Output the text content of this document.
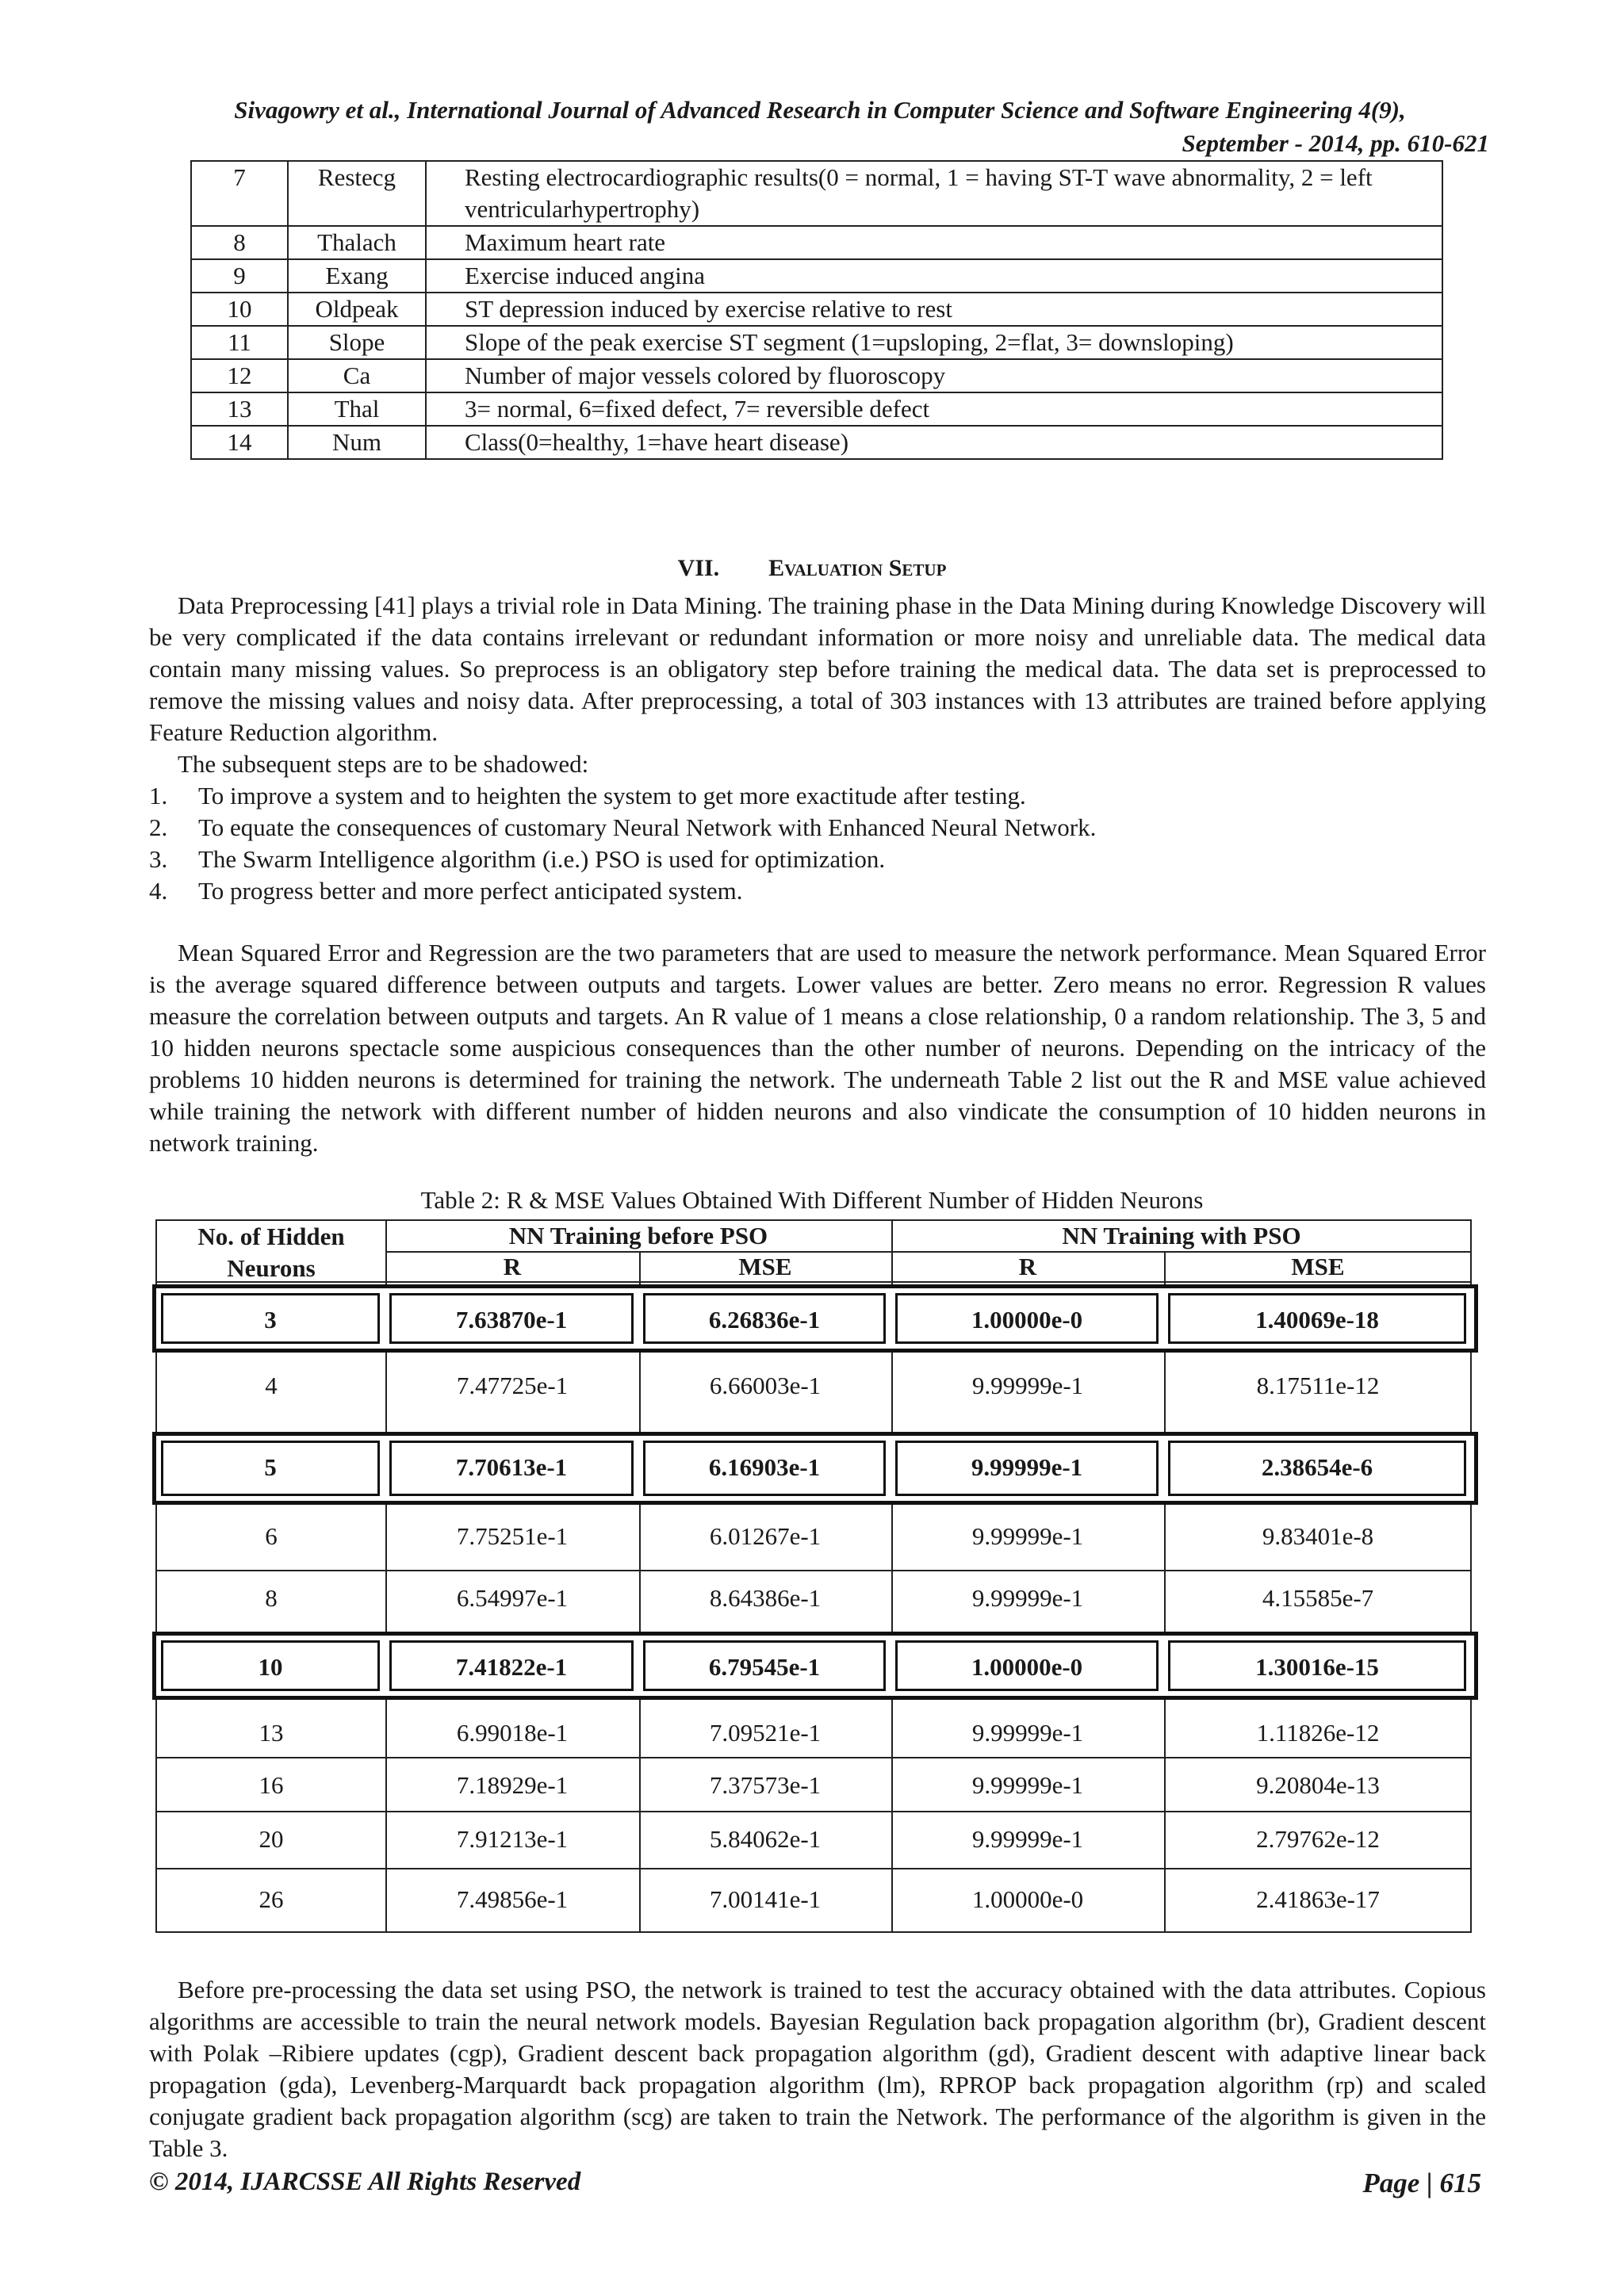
Sivagowry et al., International Journal of Advanced Research in Computer Science and Software Engineering 4(9),
September - 2014, pp. 610-621
7	Restecg	Resting electrocardiographic results(0 = normal, 1 = having ST-T wave abnormality, 2 = left ventricularhypertrophy)
8	Thalach	Maximum heart rate
9	Exang	Exercise induced angina
10	Oldpeak	ST depression induced by exercise relative to rest
11	Slope	Slope of the peak exercise ST segment (1=upsloping, 2=flat, 3= downsloping)
12	Ca	Number of major vessels colored by fluoroscopy
13	Thal	3= normal, 6=fixed defect, 7= reversible defect
14	Num	Class(0=healthy, 1=have heart disease)
VII. Evaluation Setup

Data Preprocessing [41] plays a trivial role in Data Mining. The training phase in the Data Mining during Knowledge Discovery will be very complicated if the data contains irrelevant or redundant information or more noisy and unreliable data. The medical data contain many missing values. So preprocess is an obligatory step before training the medical data. The data set is preprocessed to remove the missing values and noisy data. After preprocessing, a total of 303 instances with 13 attributes are trained before applying Feature Reduction algorithm.

The subsequent steps are to be shadowed:

1.	To improve a system and to heighten the system to get more exactitude after testing.
2.	To equate the consequences of customary Neural Network with Enhanced Neural Network.
3.	The Swarm Intelligence algorithm (i.e.) PSO is used for optimization.
4.	To progress better and more perfect anticipated system.

Mean Squared Error and Regression are the two parameters that are used to measure the network performance. Mean Squared Error is the average squared difference between outputs and targets. Lower values are better. Zero means no error. Regression R values measure the correlation between outputs and targets. An R value of 1 means a close relationship, 0 a random relationship. The 3, 5 and 10 hidden neurons spectacle some auspicious consequences than the other number of neurons. Depending on the intricacy of the problems 10 hidden neurons is determined for training the network. The underneath Table 2 list out the R and MSE value achieved while training the network with different number of hidden neurons and also vindicate the consumption of 10 hidden neurons in network training.

Table 2: R & MSE Values Obtained With Different Number of Hidden Neurons
No. of Hidden Neurons
NN Training before PSO	NN Training with PSO
R	MSE	R	MSE
3	7.63870e-1	6.26836e-1	1.00000e-0	1.40069e-18
4	7.47725e-1	6.66003e-1	9.99999e-1	8.17511e-12
5	7.70613e-1	6.16903e-1	9.99999e-1	2.38654e-6
6	7.75251e-1	6.01267e-1	9.99999e-1	9.83401e-8
8	6.54997e-1	8.64386e-1	9.99999e-1	4.15585e-7
10	7.41822e-1	6.79545e-1	1.00000e-0	1.30016e-15
13	6.99018e-1	7.09521e-1	9.99999e-1	1.11826e-12
16	7.18929e-1	7.37573e-1	9.99999e-1	9.20804e-13
20	7.91213e-1	5.84062e-1	9.99999e-1	2.79762e-12
26	7.49856e-1	7.00141e-1	1.00000e-0	2.41863e-17

Before pre-processing the data set using PSO, the network is trained to test the accuracy obtained with the data attributes. Copious algorithms are accessible to train the neural network models. Bayesian Regulation back propagation algorithm (br), Gradient descent with Polak –Ribiere updates (cgp), Gradient descent back propagation algorithm (gd), Gradient descent with adaptive linear back propagation (gda), Levenberg-Marquardt back propagation algorithm (lm), RPROP back propagation algorithm (rp) and scaled conjugate gradient back propagation algorithm (scg) are taken to train the Network. The performance of the algorithm is given in the Table 3.

© 2014, IJARCSSE All Rights Reserved	Page | 615
